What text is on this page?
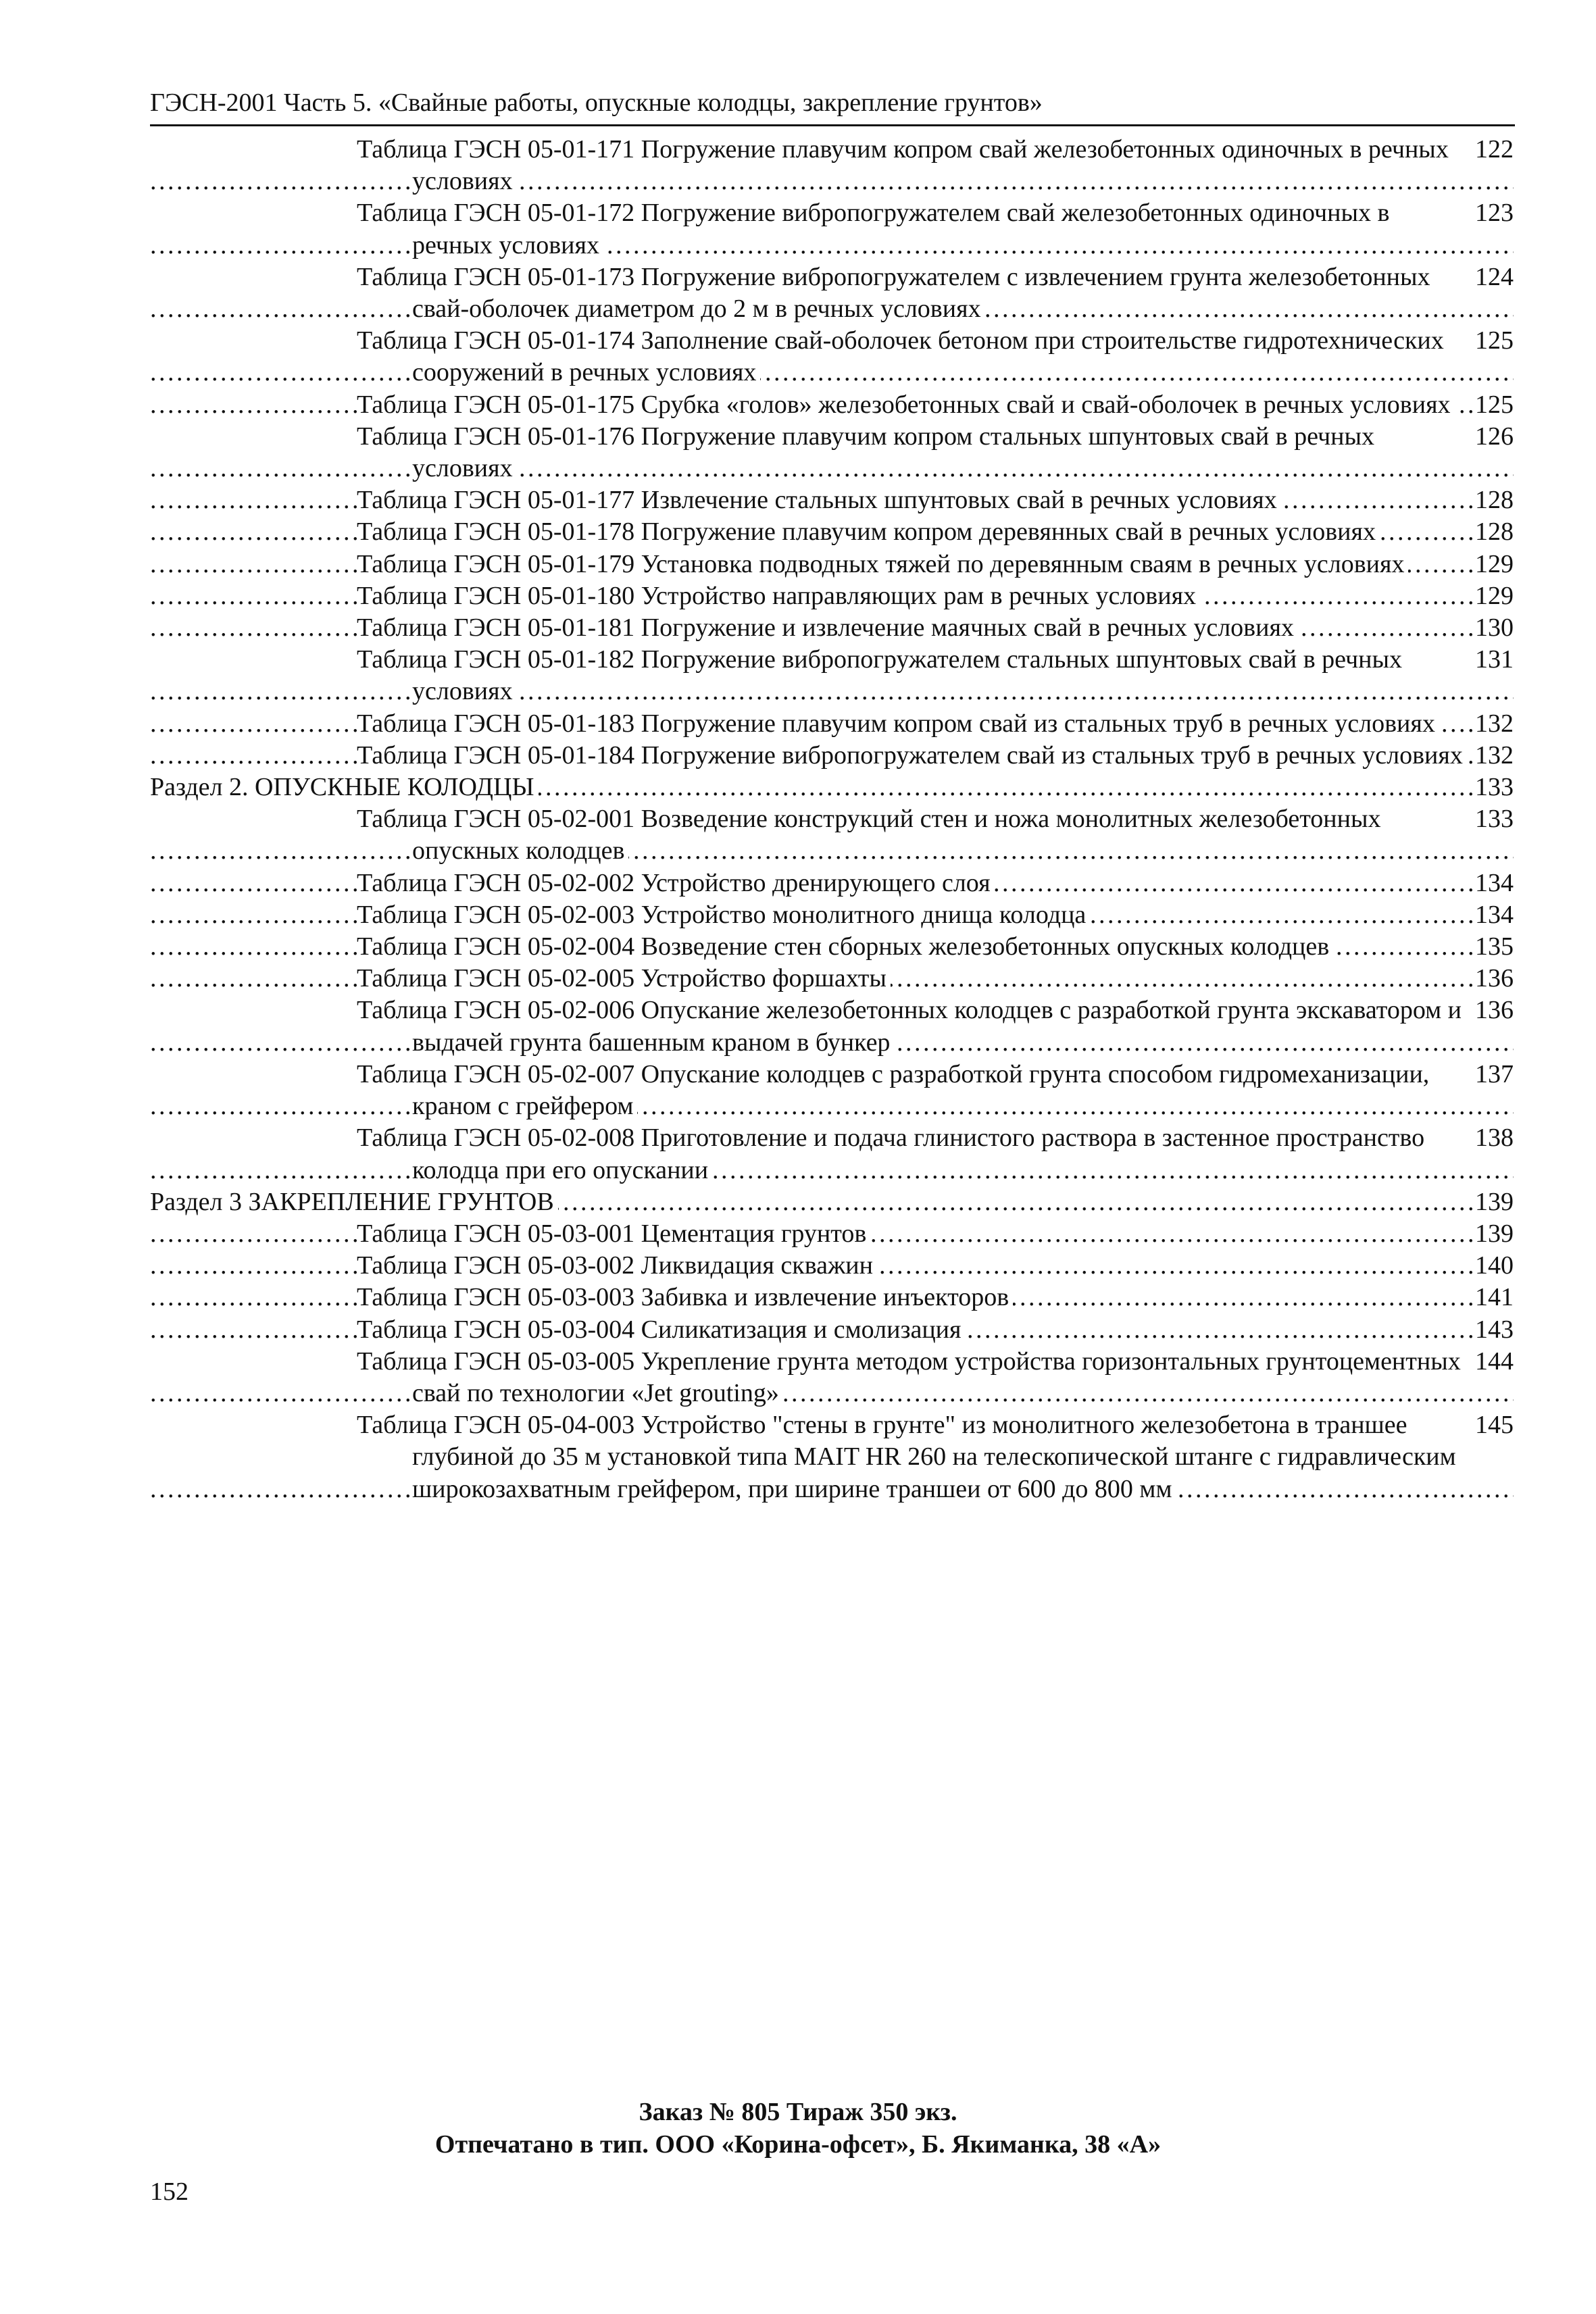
ГЭСН-2001 Часть 5. «Свайные работы, опускные колодцы, закрепление грунтов»
122
Таблица ГЭСН 05-01-171 Погружение плавучим копром свай железобетонных одиночных в речных условиях . . .
123
Таблица ГЭСН 05-01-172 Погружение вибропогружателем свай железобетонных одиночных в речных условиях . . .
124
Таблица ГЭСН 05-01-173 Погружение вибропогружателем с извлечением грунта железобетонных свай-оболочек диаметром до 2 м в речных условиях . . .
125
Таблица ГЭСН 05-01-174 Заполнение свай-оболочек бетоном при строительстве гидротехнических сооружений в речных условиях . . .
125
Таблица ГЭСН 05-01-175 Срубка «голов» железобетонных свай и свай-оболочек в речных условиях . . .
126
Таблица ГЭСН 05-01-176 Погружение плавучим копром стальных шпунтовых свай в речных условиях . . .
128
Таблица ГЭСН 05-01-177 Извлечение стальных шпунтовых свай в речных условиях . . .
128
Таблица ГЭСН 05-01-178 Погружение плавучим копром деревянных свай в речных условиях . . .
129
Таблица ГЭСН 05-01-179 Установка подводных тяжей по деревянным сваям в речных условиях . . .
129
Таблица ГЭСН 05-01-180 Устройство направляющих рам в речных условиях . . .
130
Таблица ГЭСН 05-01-181 Погружение и извлечение маячных свай в речных условиях . . .
131
Таблица ГЭСН 05-01-182 Погружение вибропогружателем стальных шпунтовых свай в речных условиях . . .
132
Таблица ГЭСН 05-01-183 Погружение плавучим копром свай из стальных труб в речных условиях . . .
132
Таблица ГЭСН 05-01-184 Погружение вибропогружателем свай из стальных труб в речных условиях . . .
133
Раздел 2. ОПУСКНЫЕ КОЛОДЦЫ . . .
133
Таблица ГЭСН 05-02-001 Возведение конструкций стен и ножа монолитных железобетонных опускных колодцев . . .
134
Таблица ГЭСН 05-02-002 Устройство дренирующего слоя . . .
134
Таблица ГЭСН 05-02-003 Устройство монолитного днища колодца . . .
135
Таблица ГЭСН 05-02-004 Возведение стен сборных железобетонных опускных колодцев . . .
136
Таблица ГЭСН 05-02-005 Устройство форшахты . . .
136
Таблица ГЭСН 05-02-006 Опускание железобетонных колодцев с разработкой грунта экскаватором и выдачей грунта башенным краном в бункер . . .
137
Таблица ГЭСН 05-02-007 Опускание колодцев с разработкой грунта способом гидромеханизации, краном с грейфером . . .
138
Таблица ГЭСН 05-02-008 Приготовление и подача глинистого раствора в застенное пространство колодца при его опускании . . .
139
Раздел 3 ЗАКРЕПЛЕНИЕ ГРУНТОВ . . .
139
Таблица ГЭСН 05-03-001 Цементация грунтов . . .
140
Таблица ГЭСН 05-03-002 Ликвидация скважин . . .
141
Таблица ГЭСН 05-03-003 Забивка и извлечение инъекторов . . .
143
Таблица ГЭСН 05-03-004 Силикатизация и смолизация . . .
144
Таблица ГЭСН 05-03-005 Укрепление грунта методом устройства горизонтальных грунтоцементных свай по технологии «Jet grouting» . . .
145
Таблица ГЭСН 05-04-003 Устройство "стены в грунте" из монолитного железобетона в траншее глубиной до 35 м установкой типа MAIT HR 260 на телескопической штанге с гидравлическим широкозахватным грейфером, при ширине траншеи от 600 до 800 мм . . .
Заказ № 805 Тираж 350 экз.
Отпечатано в тип. ООО «Корина-офсет», Б. Якиманка, 38 «А»
152
